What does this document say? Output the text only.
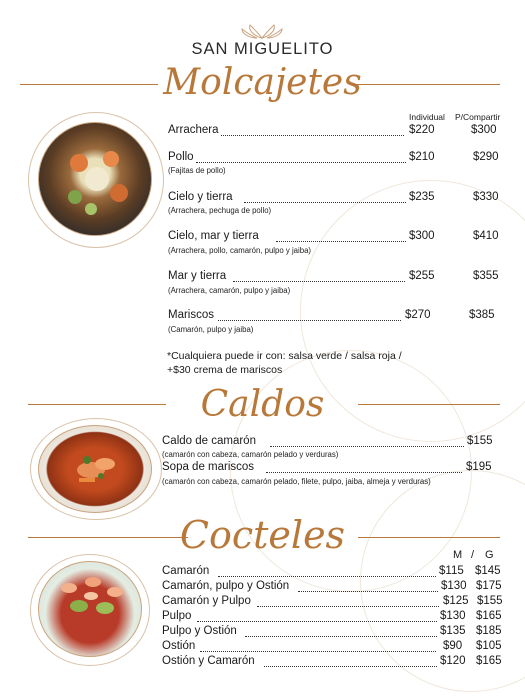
SAN MIGUELITO
Molcajetes
Individual P/Compartir
Arrachera	$220	$300
Pollo	$210	$290
(Fajitas de pollo)
Cielo y tierra	$235	$330
(Arrachera, pechuga de pollo)
Cielo, mar y tierra	$300	$410
(Arrachera, pollo, camarón, pulpo y jaiba)
Mar y tierra	$255	$355
(Arrachera, camarón, pulpo y jaiba)
Mariscos	$270	$385
(Camarón, pulpo y jaiba)
*Cualquiera puede ir con: salsa verde / salsa roja /
+$30 crema de mariscos
Caldos
Caldo de camarón	$155
(camarón con cabeza, camarón pelado y verduras)
Sopa de mariscos	$195
(camarón con cabeza, camarón pelado, filete, pulpo, jaiba, almeja y verduras)
Cocteles	M / G
Camarón	$115 $145
Camarón, pulpo y Ostión	$130 $175
Camarón y Pulpo	$125 $155
Pulpo	$130 $165
Pulpo y Ostión	$135 $185
Ostión	$90 $105
Ostión y Camarón	$120 $165
